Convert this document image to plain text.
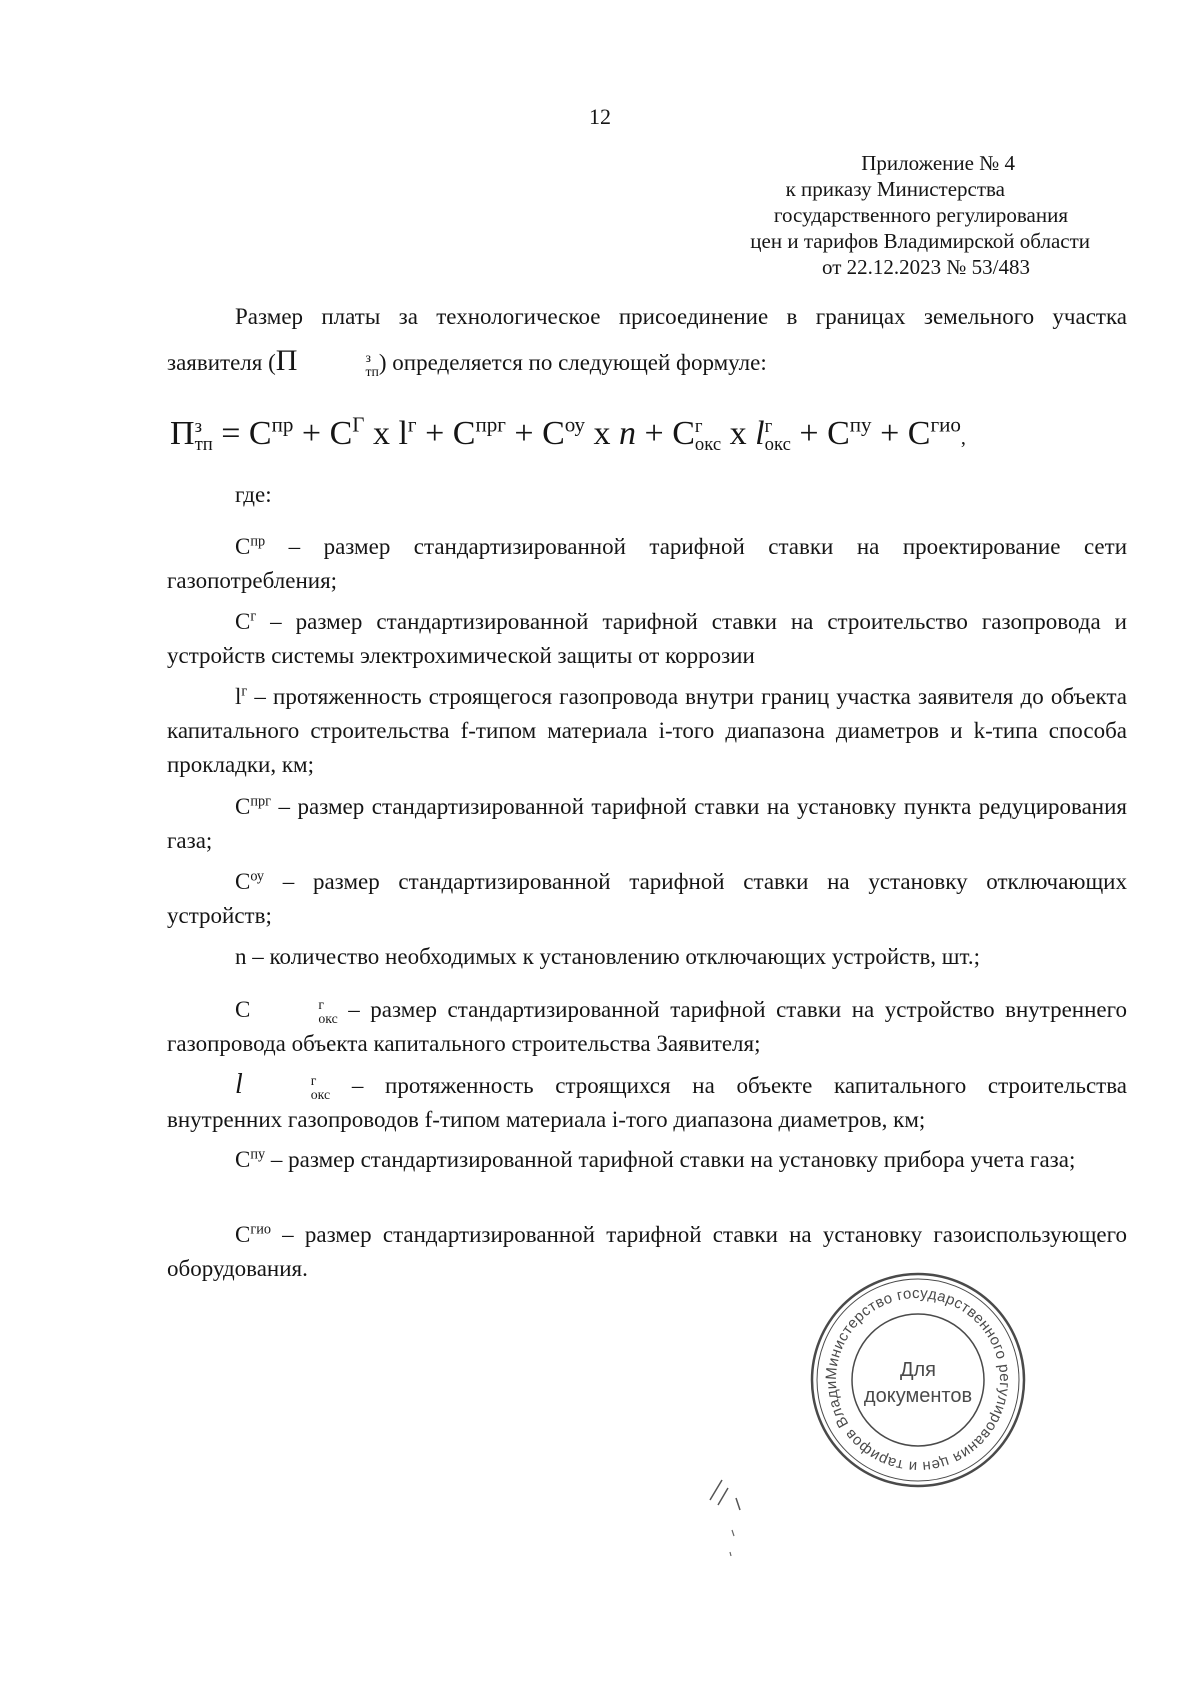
12
Приложение № 4
к приказу Министерства
государственного регулирования
цен и тарифов Владимирской области
от 22.12.2023 № 53/483
Размер платы за технологическое присоединение в границах земельного участка заявителя (П	з
тп ) определяется по следующей формуле:
П з
тп = $С^{пр} + С^Г$ х $l^г + С^{прг} + С^{оу}$ х n + С г
окс х l г
окс + $С^{пу} + С^{гио}$,
где:
$С^{пр}$ – размер стандартизированной тарифной ставки на проектирование сети газопотребления;
$С^г$ – размер стандартизированной тарифной ставки на строительство газопровода и устройств системы электрохимической защиты от коррозии
$l^г$ – протяженность строящегося газопровода внутри границ участка заявителя до объекта капитального строительства f-типом материала i-того диапазона диаметров и k-типа способа прокладки, км;
$С^{прг}$ – размер стандартизированной тарифной ставки на установку пункта редуцирования газа;
$С^{оу}$ – размер стандартизированной тарифной ставки на установку отключающих устройств;
n – количество необходимых к установлению отключающих устройств, шт.;
С	г
окс – размер стандартизированной тарифной ставки на устройство внутреннего газопровода объекта капитального строительства Заявителя;
l	г
окс – протяженность строящихся на объекте капитального строительства внутренних газопроводов f-типом материала i-того диапазона диаметров, км;
$С^{пу}$ – размер стандартизированной тарифной ставки на установку прибора учета газа;
$С^{гио}$ – размер стандартизированной тарифной ставки на установку газоиспользующего оборудования.
Министерство государственного регулирования цен и тарифов Влади
Для
документов
